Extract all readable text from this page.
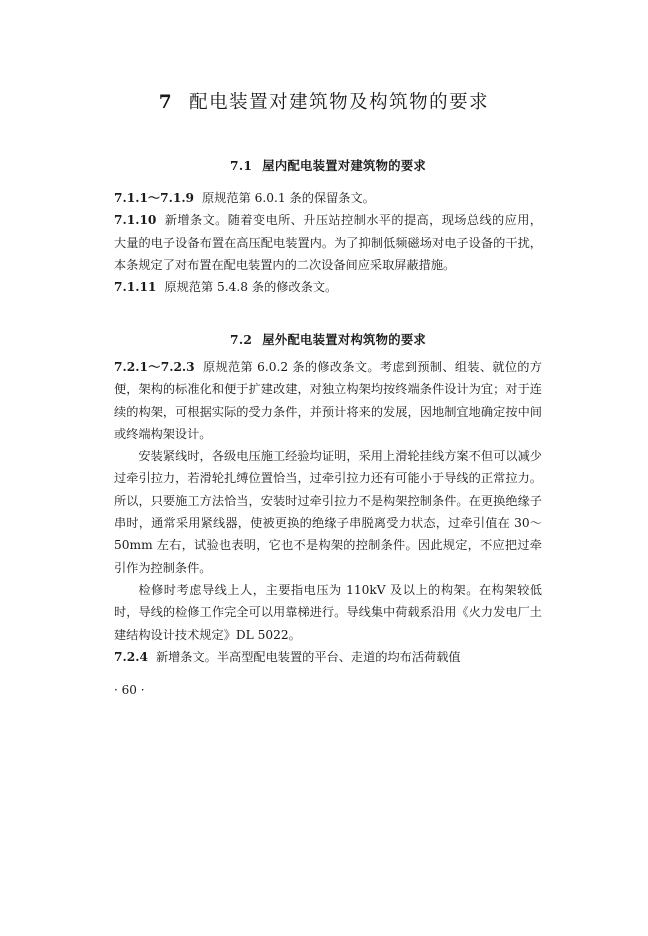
7 配电装置对建筑物及构筑物的要求
7.1 屋内配电装置对建筑物的要求

7.1.1～7.1.9 原规范第 6.0.1 条的保留条文。

7.1.10 新增条文。随着变电所、升压站控制水平的提高，现场总线的应用，大量的电子设备布置在高压配电装置内。为了抑制低频磁场对电子设备的干扰，本条规定了对布置在配电装置内的二次设备间应采取屏蔽措施。

7.1.11 原规范第 5.4.8 条的修改条文。

7.2 屋外配电装置对构筑物的要求

7.2.1～7.2.3 原规范第 6.0.2 条的修改条文。考虑到预制、组装、就位的方便，架构的标准化和便于扩建改建，对独立构架均按终端条件设计为宜；对于连续的构架，可根据实际的受力条件，并预计将来的发展，因地制宜地确定按中间或终端构架设计。

安装紧线时，各级电压施工经验均证明，采用上滑轮挂线方案不但可以减少过牵引拉力，若滑轮扎缚位置恰当，过牵引拉力还有可能小于导线的正常拉力。所以，只要施工方法恰当，安装时过牵引拉力不是构架控制条件。在更换绝缘子串时，通常采用紧线器，使被更换的绝缘子串脱离受力状态，过牵引值在 30～50mm 左右，试验也表明，它也不是构架的控制条件。因此规定，不应把过牵引作为控制条件。

检修时考虑导线上人，主要指电压为 110kV 及以上的构架。在构架较低时，导线的检修工作完全可以用靠梯进行。导线集中荷载系沿用《火力发电厂土建结构设计技术规定》DL 5022。

7.2.4 新增条文。半高型配电装置的平台、走道的均布活荷载值

· 60 ·
